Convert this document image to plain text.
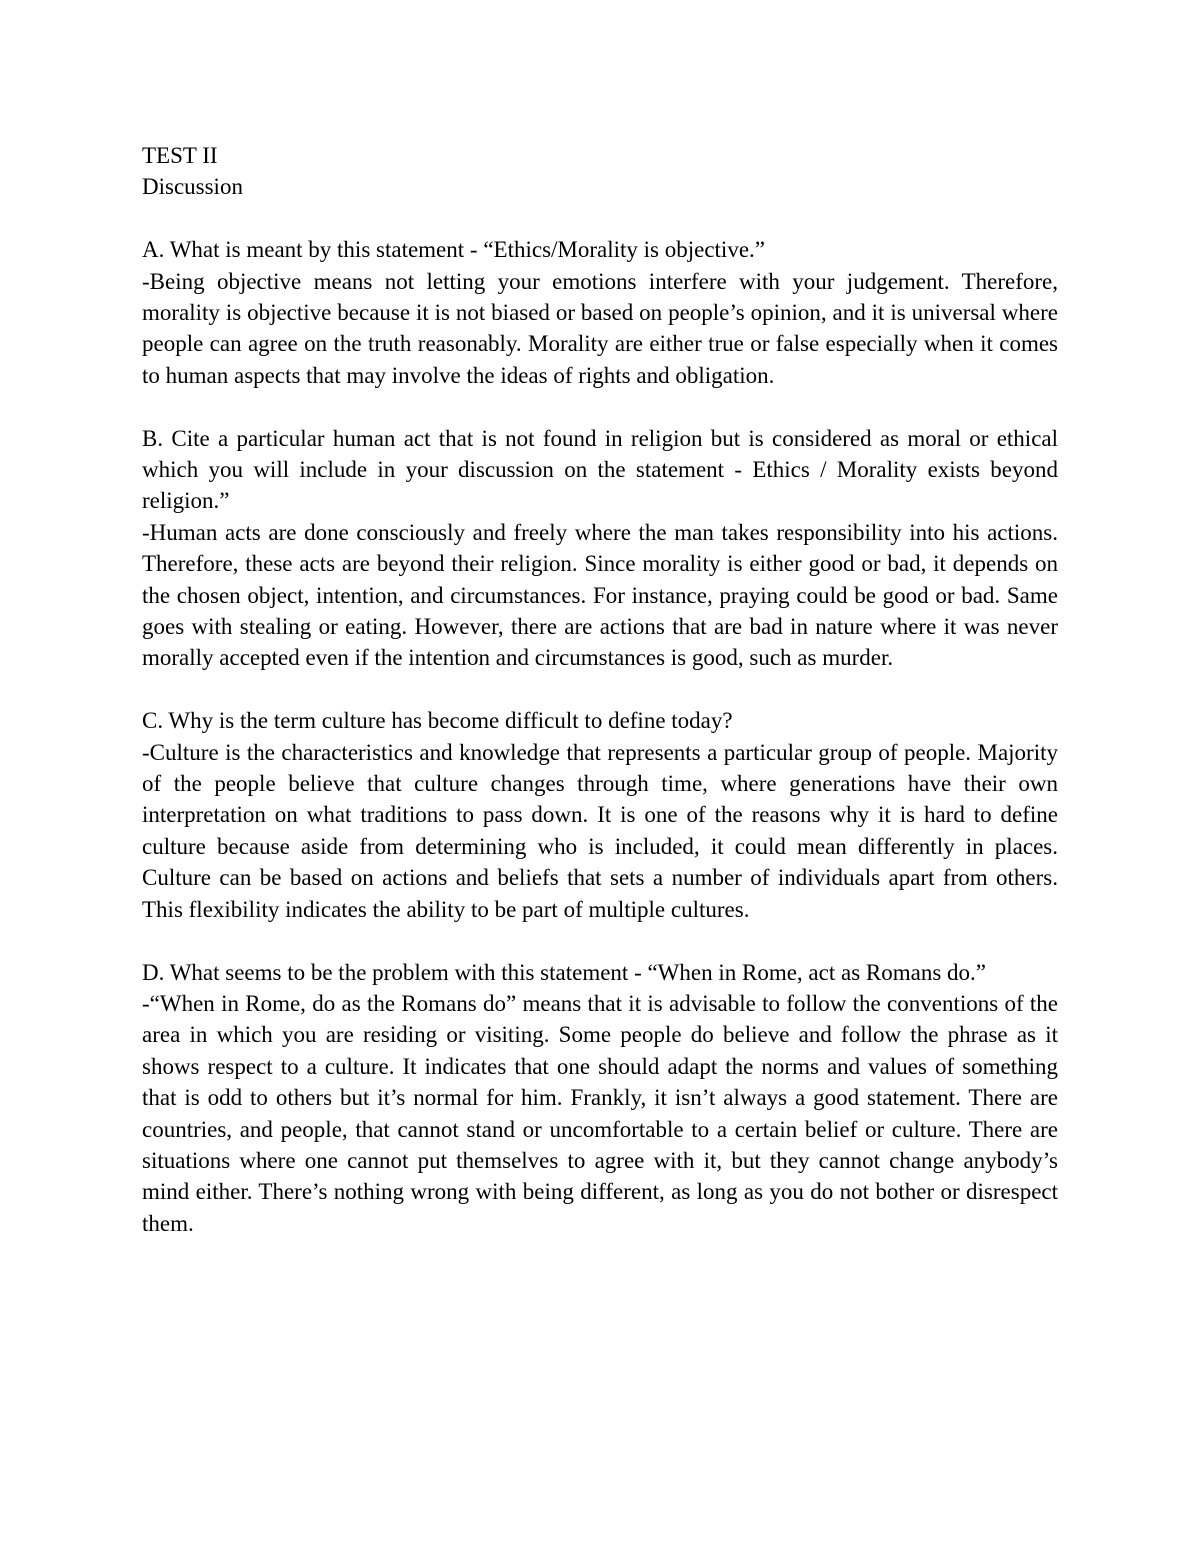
TEST II

Discussion

A. What is meant by this statement - “Ethics/Morality is objective.”

-Being objective means not letting your emotions interfere with your judgement. Therefore, morality is objective because it is not biased or based on people’s opinion, and it is universal where people can agree on the truth reasonably. Morality are either true or false especially when it comes to human aspects that may involve the ideas of rights and obligation.

B. Cite a particular human act that is not found in religion but is considered as moral or ethical which you will include in your discussion on the statement - Ethics / Morality exists beyond religion.”

-Human acts are done consciously and freely where the man takes responsibility into his actions. Therefore, these acts are beyond their religion. Since morality is either good or bad, it depends on the chosen object, intention, and circumstances. For instance, praying could be good or bad. Same goes with stealing or eating. However, there are actions that are bad in nature where it was never morally accepted even if the intention and circumstances is good, such as murder.

C. Why is the term culture has become difficult to define today?

-Culture is the characteristics and knowledge that represents a particular group of people. Majority of the people believe that culture changes through time, where generations have their own interpretation on what traditions to pass down. It is one of the reasons why it is hard to define culture because aside from determining who is included, it could mean differently in places. Culture can be based on actions and beliefs that sets a number of individuals apart from others. This flexibility indicates the ability to be part of multiple cultures.

D. What seems to be the problem with this statement - “When in Rome, act as Romans do.”

-“When in Rome, do as the Romans do” means that it is advisable to follow the conventions of the area in which you are residing or visiting. Some people do believe and follow the phrase as it shows respect to a culture. It indicates that one should adapt the norms and values of something that is odd to others but it’s normal for him. Frankly, it isn’t always a good statement. There are countries, and people, that cannot stand or uncomfortable to a certain belief or culture. There are situations where one cannot put themselves to agree with it, but they cannot change anybody’s mind either. There’s nothing wrong with being different, as long as you do not bother or disrespect them.
